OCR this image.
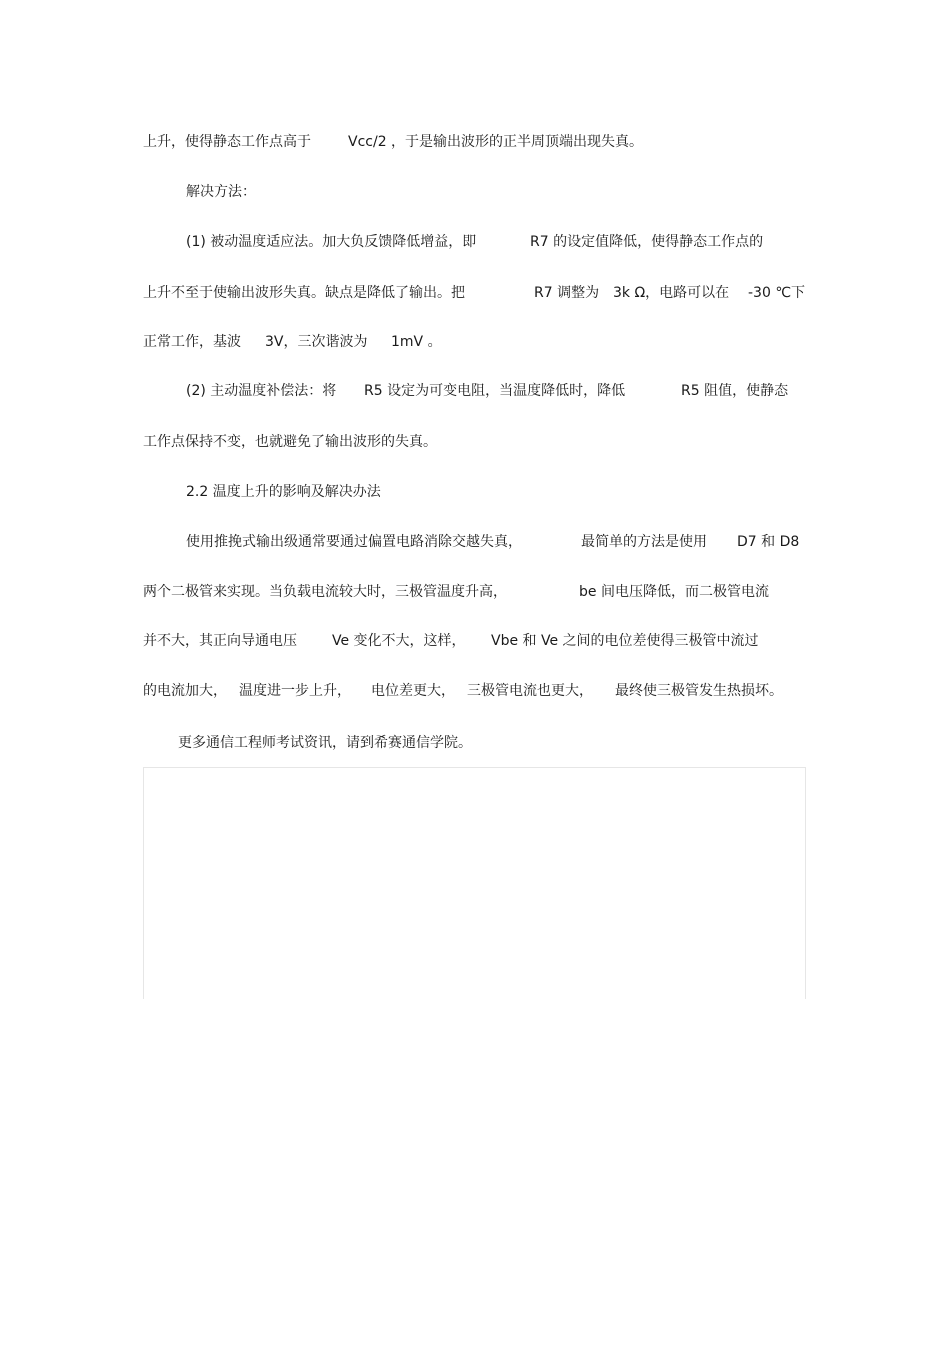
上升，使得静态工作点高于	Vcc/2 ，于是输出波形的正半周顶端出现失真。
解决方法：
(1) 被动温度适应法。加大负反馈降低增益，即	R7 的设定值降低，使得静态工作点的
上升不至于使输出波形失真。缺点是降低了输出。把	R7 调整为 3k Ω，电路可以在 -30 ℃下
正常工作，基波 3V，三次谐波为 1mV 。
(2) 主动温度补偿法：将 R5 设定为可变电阻，当温度降低时，降低	R5 阻值，使静态
工作点保持不变，也就避免了输出波形的失真。
2.2 温度上升的影响及解决办法
使用推挽式输出级通常要通过偏置电路消除交越失真，	最简单的方法是使用 D7 和 D8
两个二极管来实现。当负载电流较大时，三极管温度升高，	be 间电压降低，而二极管电流
并不大，其正向导通电压	Ve 变化不大，这样， Vbe 和 Ve 之间的电位差使得三极管中流过
的电流加大， 温度进一步上升， 电位差更大， 三极管电流也更大， 最终使三极管发生热损坏。
更多通信工程师考试资讯，请到希赛通信学院。
